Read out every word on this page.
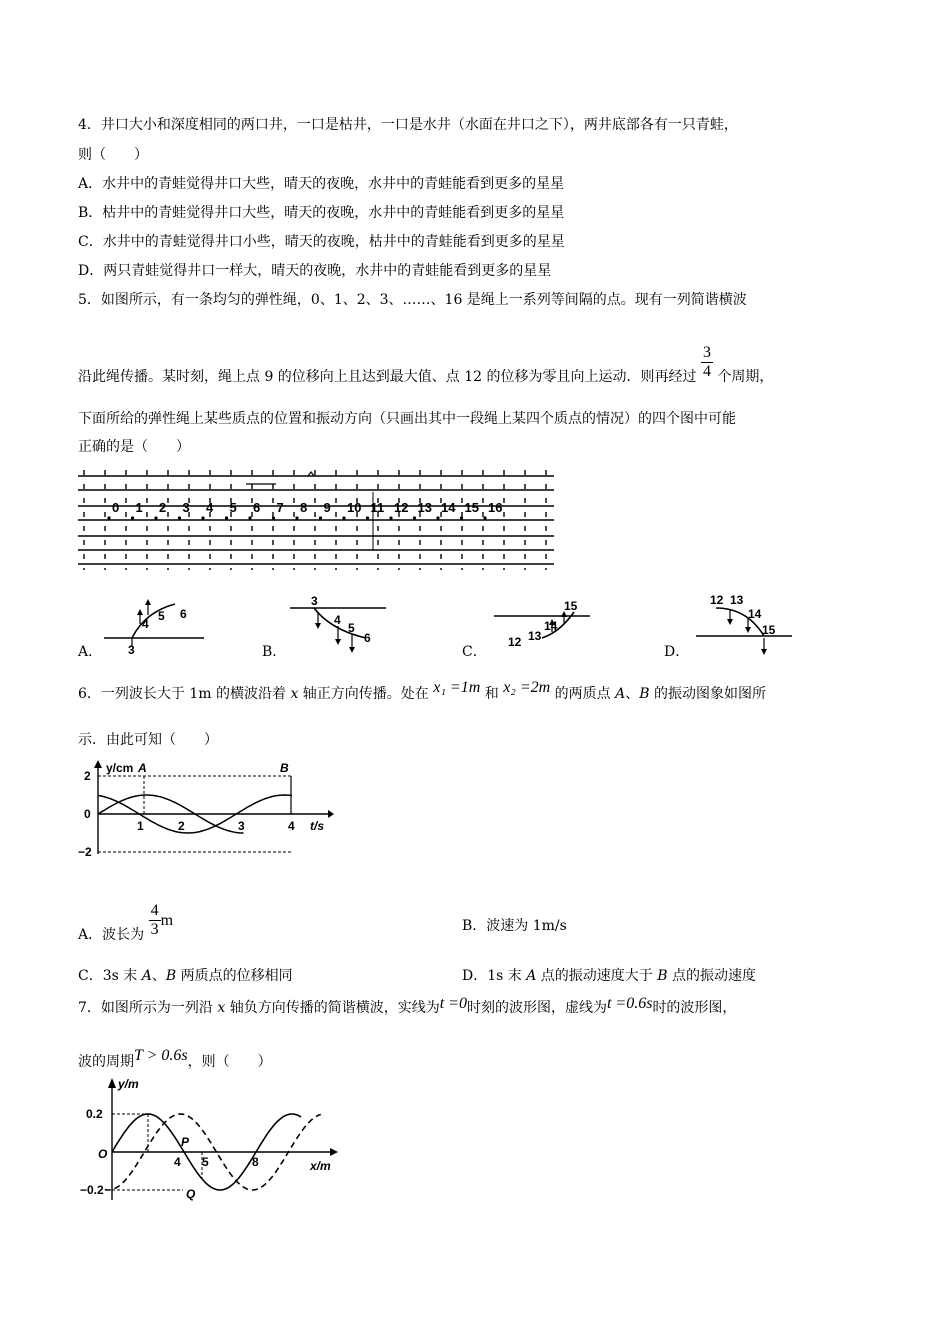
4．井口大小和深度相同的两口井，一口是枯井，一口是水井（水面在井口之下），两井底部各有一只青蛙，
则（　　）
A．水井中的青蛙觉得井口大些，晴天的夜晚，水井中的青蛙能看到更多的星星
B．枯井中的青蛙觉得井口大些，晴天的夜晚，水井中的青蛙能看到更多的星星
C．水井中的青蛙觉得井口小些，晴天的夜晚，枯井中的青蛙能看到更多的星星
D．两只青蛙觉得井口一样大，晴天的夜晚，水井中的青蛙能看到更多的星星
5．如图所示，有一条均匀的弹性绳，0、1、2、3、……、16 是绳上一系列等间隔的点。现有一列简谐横波
沿此绳传播。某时刻，绳上点 9 的位移向上且达到最大值、点 12 的位移为零且向上运动．则再经过 $\frac{3}{4}$ 个周期，
下面所给的弹性绳上某些质点的位置和振动方向（只画出其中一段绳上某四个质点的情况）的四个图中可能
正确的是（　　）
0 1 2 3 4 5 6 7 8 9 10 11 12 13 14 15 16
A． 3
4
5 6
B．
3
4
5
6
C．
12 13
14
15
D．
12 13
14
15
6．一列波长大于 1m 的横波沿着 x 轴正方向传播。处在 x₁ =1m 和 x₂ =2m 的两质点 A、B 的振动图象如图所
示．由此可知（　　）
y/cm
t/s
2
0
−2
1	2	3	4
A	B
A．波长为 $\frac{4}{3}$ m	B．波速为 1m/s
C．3s 末 A、B 两质点的位移相同	D．1s 末 A 点的振动速度大于 B 点的振动速度
7．如图所示为一列沿 x 轴负方向传播的简谐横波，实线为t =0时刻的波形图，虚线为t =0.6s时的波形图，
波的周期T > 0.6s，则（　　）
y/m
x/m
0.2
O
−0.2
4 5	8
P
Q
